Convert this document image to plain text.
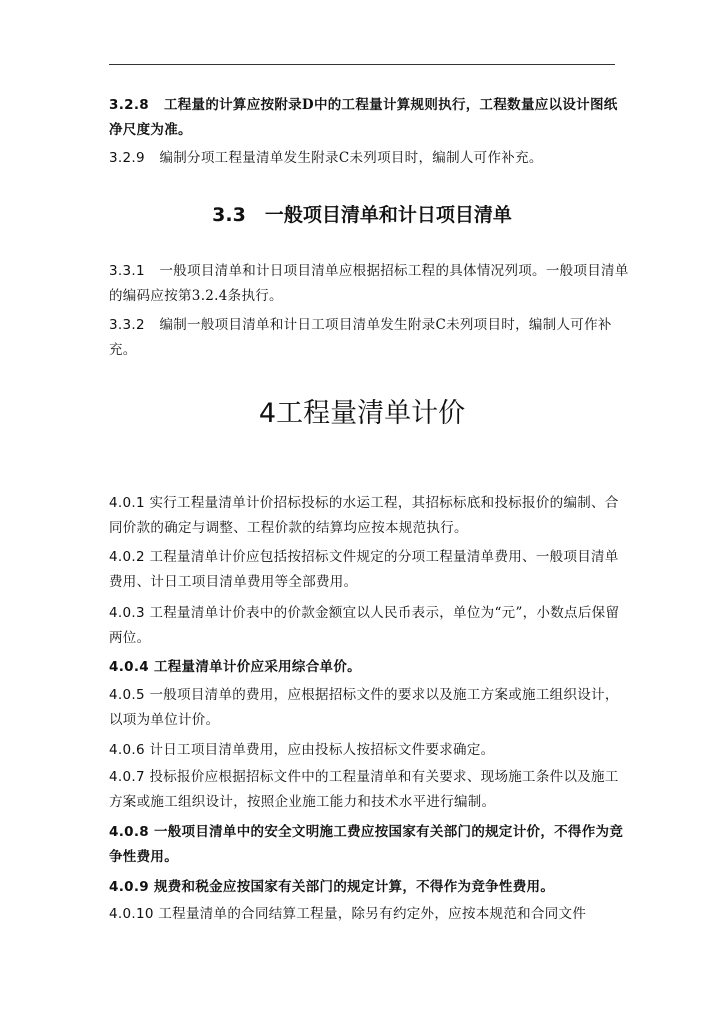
3.2.8 工程量的计算应按附录D中的工程量计算规则执行，工程数量应以设计图纸净尺度为准。
3.2.9 编制分项工程量清单发生附录C未列项目时，编制人可作补充。
3.3　一般项目清单和计日项目清单
3.3.1 一般项目清单和计日项目清单应根据招标工程的具体情况列项。一般项目清单的编码应按第3.2.4条执行。
3.3.2 编制一般项目清单和计日工项目清单发生附录C未列项目时，编制人可作补充。
4工程量清单计价
4.0.1 实行工程量清单计价招标投标的水运工程，其招标标底和投标报价的编制、合同价款的确定与调整、工程价款的结算均应按本规范执行。
4.0.2 工程量清单计价应包括按招标文件规定的分项工程量清单费用、一般项目清单费用、计日工项目清单费用等全部费用。
4.0.3 工程量清单计价表中的价款金额宜以人民币表示，单位为“元”，小数点后保留两位。
4.0.4 工程量清单计价应采用综合单价。
4.0.5 一般项目清单的费用，应根据招标文件的要求以及施工方案或施工组织设计，以项为单位计价。
4.0.6 计日工项目清单费用，应由投标人按招标文件要求确定。
4.0.7 投标报价应根据招标文件中的工程量清单和有关要求、现场施工条件以及施工方案或施工组织设计，按照企业施工能力和技术水平进行编制。
4.0.8 一般项目清单中的安全文明施工费应按国家有关部门的规定计价，不得作为竞争性费用。
4.0.9 规费和税金应按国家有关部门的规定计算，不得作为竞争性费用。
4.0.10 工程量清单的合同结算工程量，除另有约定外，应按本规范和合同文件
